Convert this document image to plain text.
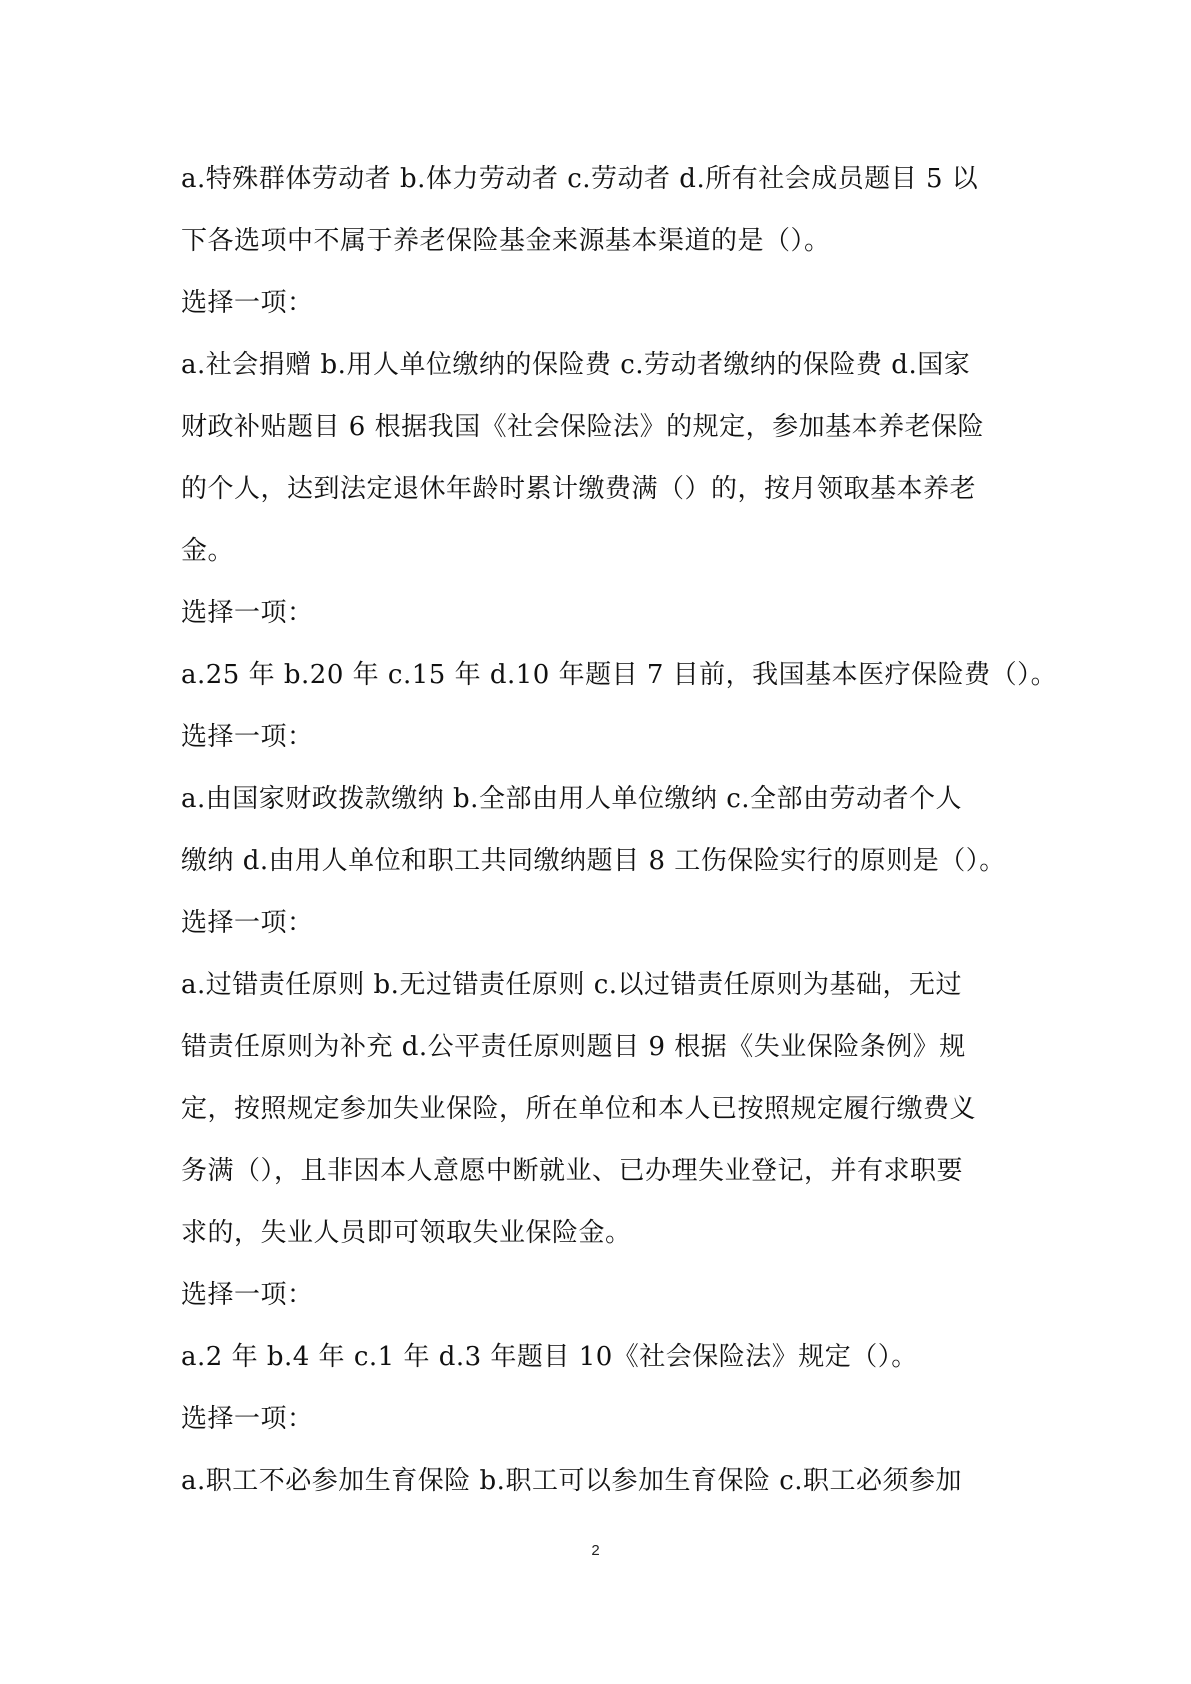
a.特殊群体劳动者 b.体力劳动者 c.劳动者 d.所有社会成员题目 5 以
下各选项中不属于养老保险基金来源基本渠道的是（）。
选择一项：
a.社会捐赠 b.用人单位缴纳的保险费 c.劳动者缴纳的保险费 d.国家
财政补贴题目 6 根据我国《社会保险法》的规定，参加基本养老保险
的个人，达到法定退休年龄时累计缴费满（）的，按月领取基本养老
金。
选择一项：
a.25 年 b.20 年 c.15 年 d.10 年题目 7 目前，我国基本医疗保险费（）。
选择一项：
a.由国家财政拨款缴纳 b.全部由用人单位缴纳 c.全部由劳动者个人
缴纳 d.由用人单位和职工共同缴纳题目 8 工伤保险实行的原则是（）。
选择一项：
a.过错责任原则 b.无过错责任原则 c.以过错责任原则为基础，无过
错责任原则为补充 d.公平责任原则题目 9 根据《失业保险条例》规
定，按照规定参加失业保险，所在单位和本人已按照规定履行缴费义
务满（），且非因本人意愿中断就业、已办理失业登记，并有求职要
求的，失业人员即可领取失业保险金。
选择一项：
a.2 年 b.4 年 c.1 年 d.3 年题目 10《社会保险法》规定（）。
选择一项：
a.职工不必参加生育保险 b.职工可以参加生育保险 c.职工必须参加
2
